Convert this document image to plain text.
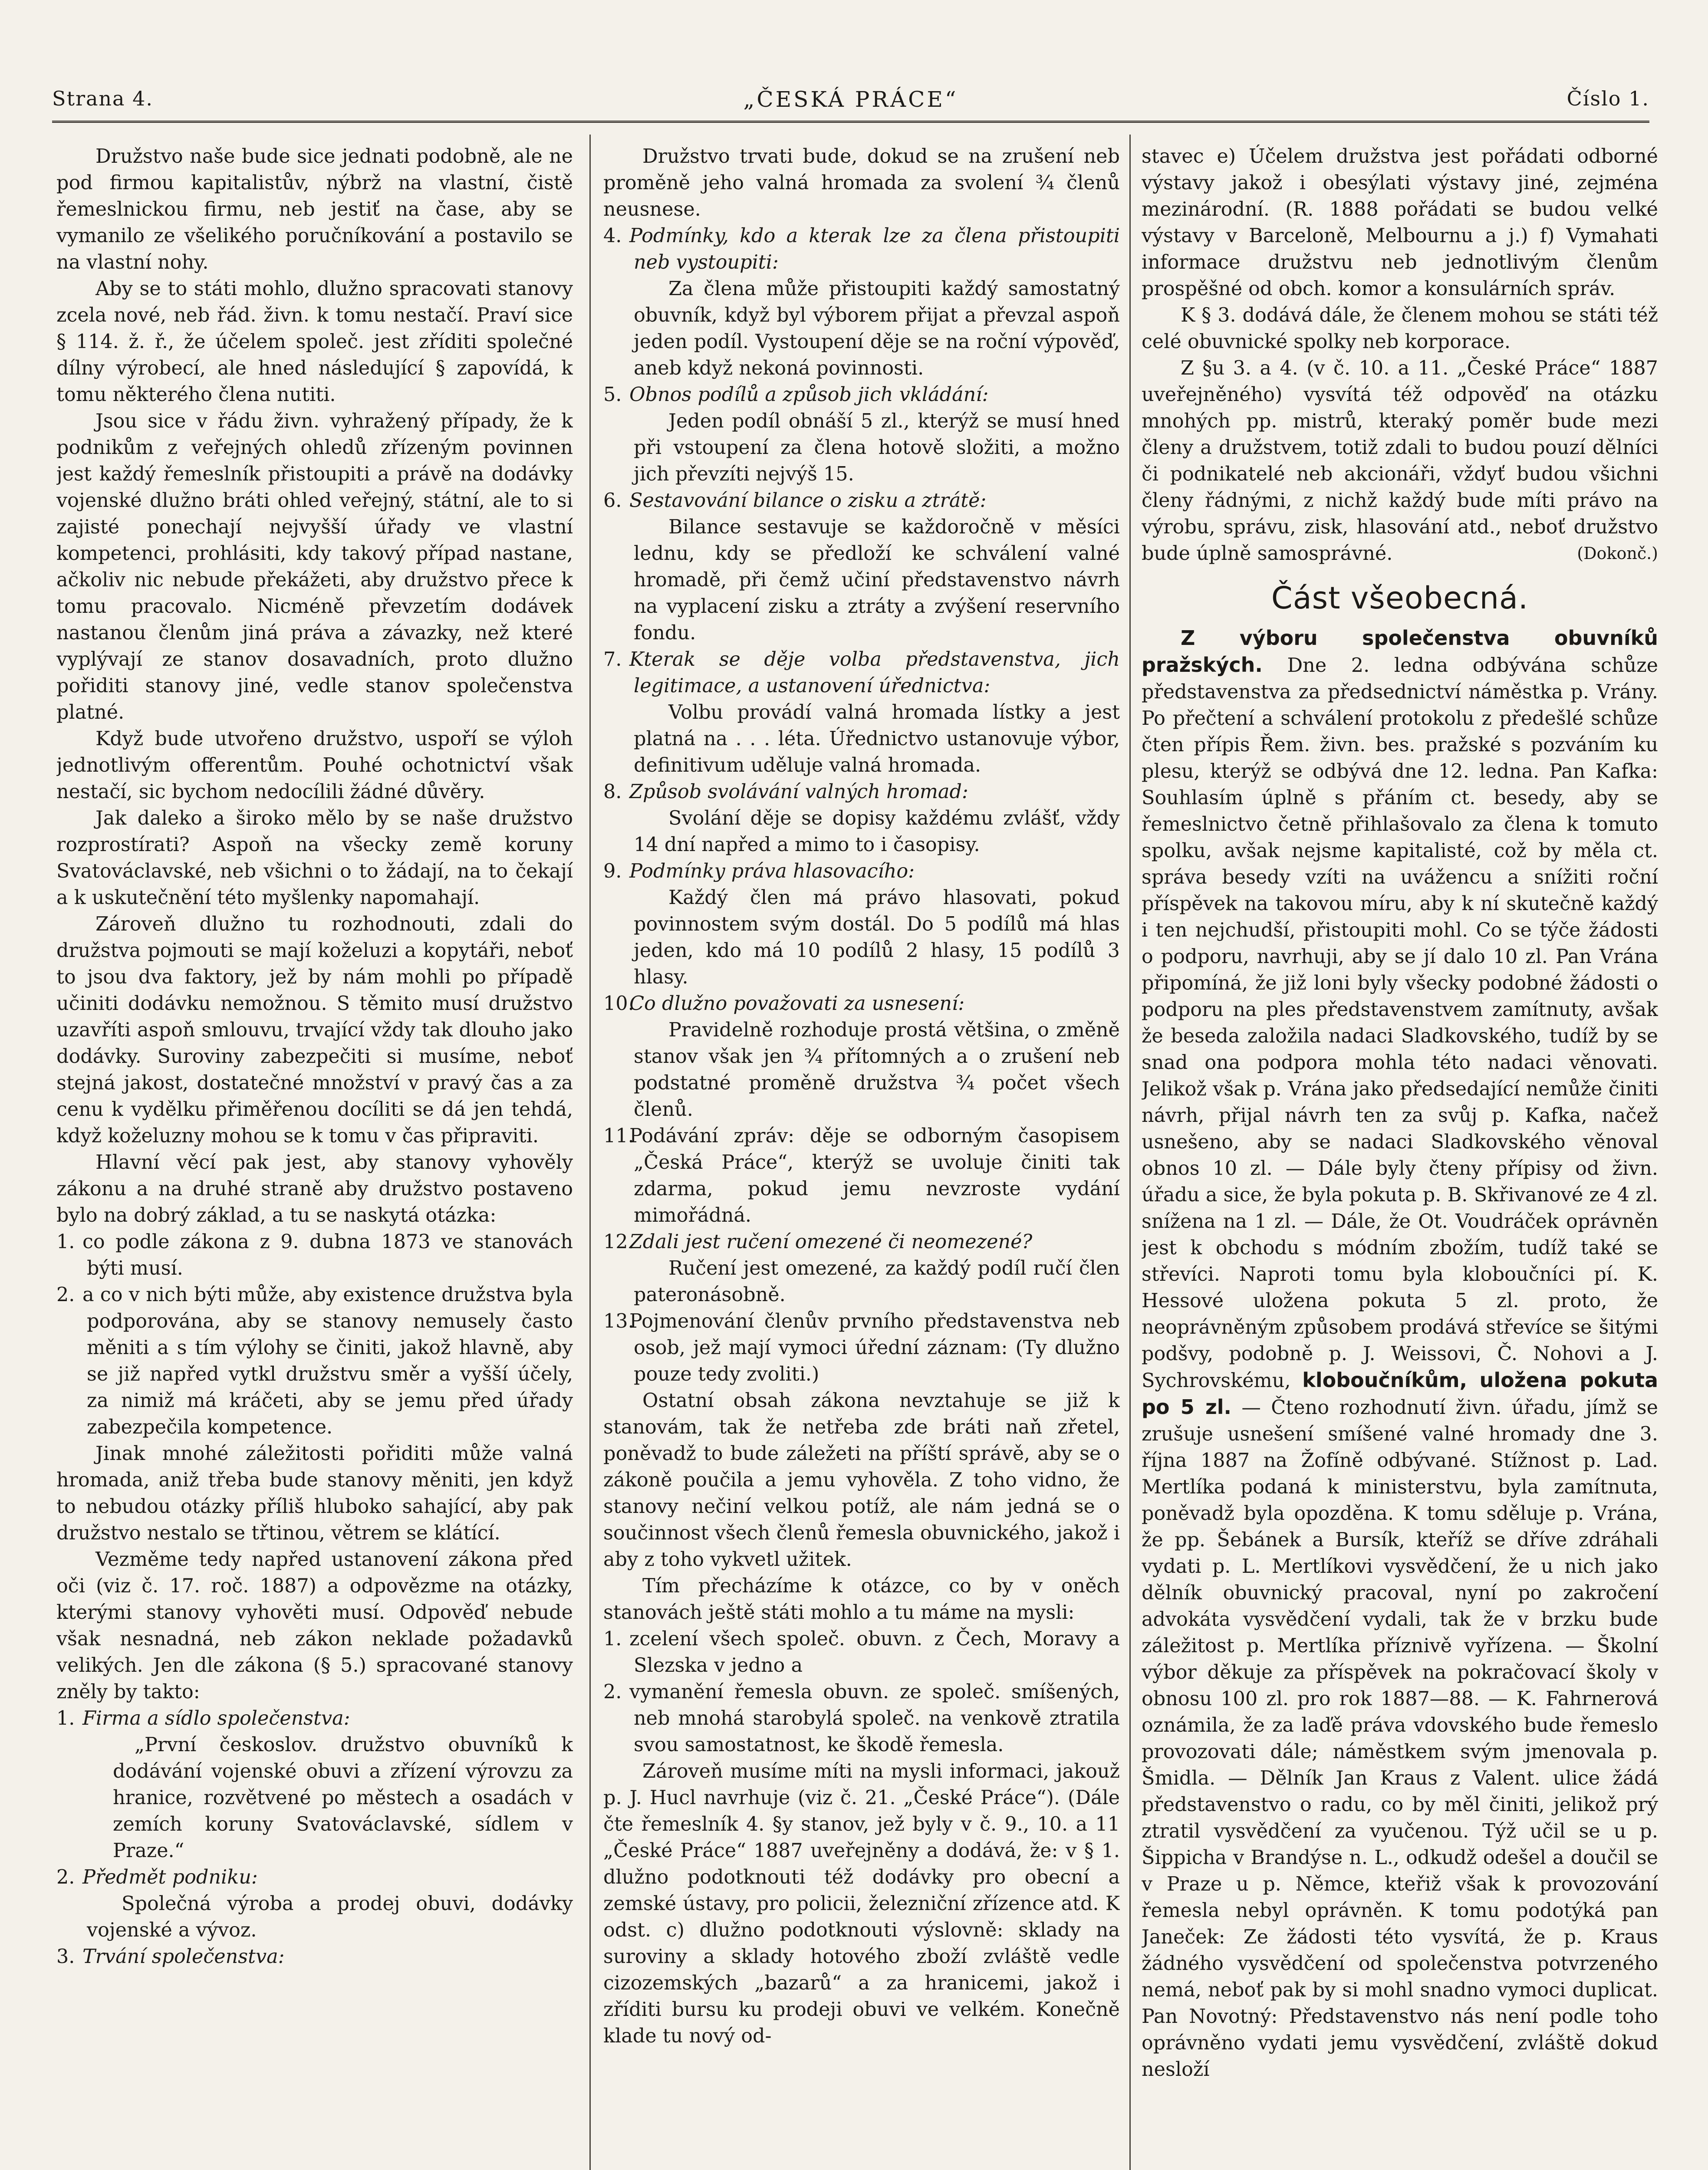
Strana 4.	„ČESKÁ PRÁCE“	Číslo 1.

Družstvo naše bude sice jednati podobně, ale ne pod firmou kapitalistův, nýbrž na vlastní, čistě řemeslnickou firmu, neb jestiť na čase, aby se vymanilo ze všelikého poručníkování a postavilo se na vlastní nohy.

Aby se to státi mohlo, dlužno spracovati stanovy zcela nové, neb řád. živn. k tomu nestačí. Praví sice § 114. ž. ř., že účelem společ. jest zříditi společné dílny výrobecí, ale hned následující § zapovídá, k tomu některého člena nutiti.

Jsou sice v řádu živn. vyhražený případy, že k podnikům z veřejných ohledů zřízeným povinnen jest každý řemeslník přistoupiti a právě na dodávky vojenské dlužno bráti ohled veřejný, státní, ale to si zajisté ponechají nejvyšší úřady ve vlastní kompetenci, prohlásiti, kdy takový případ nastane, ačkoliv nic nebude překážeti, aby družstvo přece k tomu pracovalo. Nicméně převzetím dodávek nastanou členům jiná práva a závazky, než které vyplývají ze stanov dosavadních, proto dlužno pořiditi stanovy jiné, vedle stanov společenstva platné.

Když bude utvořeno družstvo, uspoří se výloh jednotlivým offerentům. Pouhé ochotnictví však nestačí, sic bychom nedocílili žádné důvěry.

Jak daleko a široko mělo by se naše družstvo rozprostírati? Aspoň na všecky země koruny Svatováclavské, neb všichni o to žádají, na to čekají a k uskutečnění této myšlenky napomahají.

Zároveň dlužno tu rozhodnouti, zdali do družstva pojmouti se mají koželuzi a kopytáři, neboť to jsou dva faktory, jež by nám mohli po případě učiniti dodávku nemožnou. S těmito musí družstvo uzavříti aspoň smlouvu, trvající vždy tak dlouho jako dodávky. Suroviny zabezpečiti si musíme, neboť stejná jakost, dostatečné množství v pravý čas a za cenu k vydělku přiměřenou docíliti se dá jen tehdá, když koželuzny mohou se k tomu v čas připraviti.

Hlavní věcí pak jest, aby stanovy vyhověly zákonu a na druhé straně aby družstvo postaveno bylo na dobrý základ, a tu se naskytá otázka:

1. co podle zákona z 9. dubna 1873 ve stanovách býti musí.
2. a co v nich býti může, aby existence družstva byla podporována, aby se stanovy nemusely často měniti a s tím výlohy se činiti, jakož hlavně, aby se již napřed vytkl družstvu směr a vyšší účely, za nimiž má kráčeti, aby se jemu před úřady zabezpečila kompetence.

Jinak mnohé záležitosti pořiditi může valná hromada, aniž třeba bude stanovy měniti, jen když to nebudou otázky příliš hluboko sahající, aby pak družstvo nestalo se třtinou, větrem se klátící.

Vezměme tedy napřed ustanovení zákona před oči (viz č. 17. roč. 1887) a odpovězme na otázky, kterými stanovy vyhověti musí. Odpověď nebude však nesnadná, neb zákon neklade požadavků velikých. Jen dle zákona (§ 5.) spracované stanovy zněly by takto:

1. Firma a sídlo společenstva:
„První českoslov. družstvo obuvníků k dodávání vojenské obuvi a zřízení výrovzu za hranice, rozvětvené po městech a osadách v zemích koruny Svatováclavské, sídlem v Praze.“
2. Předmět podniku:
Společná výroba a prodej obuvi, dodávky vojenské a vývoz.
3. Trvání společenstva:

Družstvo trvati bude, dokud se na zrušení neb proměně jeho valná hromada za svolení ¾ členů neusnese.

4. Podmínky, kdo a kterak lze za člena přistoupiti neb vystoupiti:
Za člena může přistoupiti každý samostatný obuvník, když byl výborem přijat a převzal aspoň jeden podíl. Vystoupení děje se na roční výpověď, aneb když nekoná povinnosti.
5. Obnos podílů a způsob jich vkládání:
Jeden podíl obnáší 5 zl., kterýž se musí hned při vstoupení za člena hotově složiti, a možno jich převzíti nejvýš 15.
6. Sestavování bilance o zisku a ztrátě:
Bilance sestavuje se každoročně v měsíci lednu, kdy se předloží ke schválení valné hromadě, při čemž učiní představenstvo návrh na vyplacení zisku a ztráty a zvýšení reservního fondu.
7. Kterak se děje volba představenstva, jich legitimace, a ustanovení úřednictva:
Volbu provádí valná hromada lístky a jest platná na . . . léta. Úřednictvo ustanovuje výbor, definitivum uděluje valná hromada.
8. Způsob svolávání valných hromad:
Svolání děje se dopisy každému zvlášť, vždy 14 dní napřed a mimo to i časopisy.
9. Podmínky práva hlasovacího:
Každý člen má právo hlasovati, pokud povinnostem svým dostál. Do 5 podílů má hlas jeden, kdo má 10 podílů 2 hlasy, 15 podílů 3 hlasy.
10.Co dlužno považovati za usnesení:
Pravidelně rozhoduje prostá většina, o změně stanov však jen ¾ přítomných a o zrušení neb podstatné proměně družstva ¾ počet všech členů.
11.Podávání zpráv: děje se odborným časopisem „Česká Práce“, kterýž se uvoluje činiti tak zdarma, pokud jemu nevzroste vydání mimořádná.
12.Zdali jest ručení omezené či neomezené?
Ručení jest omezené, za každý podíl ručí člen pateronásobně.
13.Pojmenování členův prvního představenstva neb osob, jež mají vymoci úřední záznam: (Ty dlužno pouze tedy zvoliti.)

Ostatní obsah zákona nevztahuje se již k stanovám, tak že netřeba zde bráti naň zřetel, poněvadž to bude záležeti na příští správě, aby se o zákoně poučila a jemu vyhověla. Z toho vidno, že stanovy nečiní velkou potíž, ale nám jedná se o součinnost všech členů řemesla obuvnického, jakož i aby z toho vykvetl užitek.

Tím přecházíme k otázce, co by v oněch stanovách ještě státi mohlo a tu máme na mysli:

1. zcelení všech společ. obuvn. z Čech, Moravy a Slezska v jedno a
2. vymanění řemesla obuvn. ze společ. smíšených, neb mnohá starobylá společ. na venkově ztratila svou samostatnost, ke škodě řemesla.

Zároveň musíme míti na mysli informaci, jakouž p. J. Hucl navrhuje (viz č. 21. „České Práce“). (Dále čte řemeslník 4. §y stanov, jež byly v č. 9., 10. a 11 „České Práce“ 1887 uveřejněny a dodává, že: v § 1. dlužno podotknouti též dodávky pro obecní a zemské ústavy, pro policii, železniční zřízence atd. K odst. c) dlužno podotknouti výslovně: sklady na suroviny a sklady hotového zboží zvláště vedle cizozemských „bazarů“ a za hranicemi, jakož i zříditi bursu ku prodeji obuvi ve velkém. Konečně klade tu nový od-

stavec e) Účelem družstva jest pořádati odborné výstavy jakož i obesýlati výstavy jiné, zejména mezinárodní. (R. 1888 pořádati se budou velké výstavy v Barceloně, Melbournu a j.) f) Vymahati informace družstvu neb jednotlivým členům prospěšné od obch. komor a konsulárních správ.

K § 3. dodává dále, že členem mohou se státi též celé obuvnické spolky neb korporace.

Z §u 3. a 4. (v č. 10. a 11. „České Práce“ 1887 uveřejněného) vysvítá též odpověď na otázku mnohých pp. mistrů, kteraký poměr bude mezi členy a družstvem, totiž zdali to budou pouzí dělníci či podnikatelé neb akcionáři, vždyť budou všichni členy řádnými, z nichž každý bude míti právo na výrobu, správu, zisk, hlasování atd., neboť družstvo bude úplně samosprávné.	(Dokonč.)

Část všeobecná.

Z výboru společenstva obuvníků pražských. Dne 2. ledna odbývána schůze představenstva za předsednictví náměstka p. Vrány. Po přečtení a schválení protokolu z předešlé schůze čten přípis Řem. živn. bes. pražské s pozváním ku plesu, kterýž se odbývá dne 12. ledna. Pan Kafka: Souhlasím úplně s přáním ct. besedy, aby se řemeslnictvo četně přihlašovalo za člena k tomuto spolku, avšak nejsme kapitalisté, což by měla ct. správa besedy vzíti na uvážencu a snížiti roční příspěvek na takovou míru, aby k ní skutečně každý i ten nejchudší, přistoupiti mohl. Co se týče žádosti o podporu, navrhuji, aby se jí dalo 10 zl. Pan Vrána připomíná, že již loni byly všecky podobné žádosti o podporu na ples představenstvem zamítnuty, avšak že beseda založila nadaci Sladkovského, tudíž by se snad ona podpora mohla této nadaci věnovati. Jelikož však p. Vrána jako předsedající nemůže činiti návrh, přijal návrh ten za svůj p. Kafka, načež usnešeno, aby se nadaci Sladkovského věnoval obnos 10 zl. — Dále byly čteny přípisy od živn. úřadu a sice, že byla pokuta p. B. Skřivanové ze 4 zl. snížena na 1 zl. — Dále, že Ot. Voudráček oprávněn jest k obchodu s módním zbožím, tudíž také se střevíci. Naproti tomu byla kloboučníci pí. K. Hessové uložena pokuta 5 zl. proto, že neoprávněným způsobem prodává střevíce se šitými podšvy, podobně p. J. Weissovi, Č. Nohovi a J. Sychrovskému, kloboučníkům, uložena pokuta po 5 zl. — Čteno rozhodnutí živn. úřadu, jímž se zrušuje usnešení smíšené valné hromady dne 3. října 1887 na Žofíně odbývané. Stížnost p. Lad. Mertlíka podaná k ministerstvu, byla zamítnuta, poněvadž byla opozděna. K tomu sděluje p. Vrána, že pp. Šebánek a Bursík, kteříž se dříve zdráhali vydati p. L. Mertlíkovi vysvědčení, že u nich jako dělník obuvnický pracoval, nyní po zakročení advokáta vysvědčení vydali, tak že v brzku bude záležitost p. Mertlíka příznivě vyřízena. — Školní výbor děkuje za příspěvek na pokračovací školy v obnosu 100 zl. pro rok 1887—88. — K. Fahrnerová oznámila, že za laďě práva vdovského bude řemeslo provozovati dále; náměstkem svým jmenovala p. Šmidla. — Dělník Jan Kraus z Valent. ulice žádá představenstvo o radu, co by měl činiti, jelikož prý ztratil vysvědčení za vyučenou. Týž učil se u p. Šippicha v Brandýse n. L., odkudž odešel a doučil se v Praze u p. Němce, kteřiž však k provozování řemesla nebyl oprávněn. K tomu podotýká pan Janeček: Ze žádosti této vysvítá, že p. Kraus žádného vysvědčení od společenstva potvrzeného nemá, neboť pak by si mohl snadno vymoci duplicat. Pan Novotný: Představenstvo nás není podle toho oprávněno vydati jemu vysvědčení, zvláště dokud nesloží
